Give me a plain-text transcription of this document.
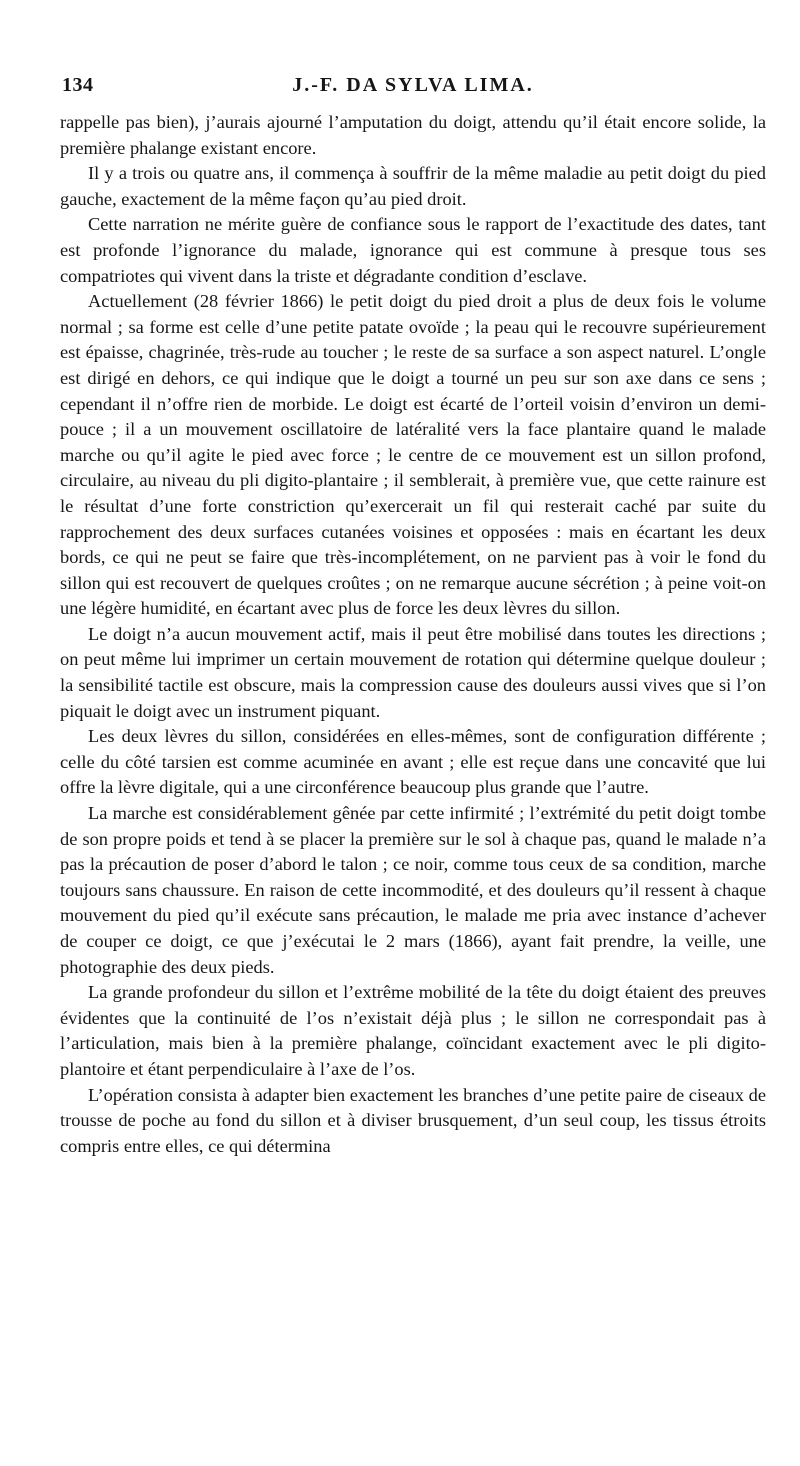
134	J.-F. DA SYLVA LIMA.

rappelle pas bien), j’aurais ajourné l’amputation du doigt, attendu qu’il était encore solide, la première phalange existant encore.

Il y a trois ou quatre ans, il commença à souffrir de la même maladie au petit doigt du pied gauche, exactement de la même façon qu’au pied droit.

Cette narration ne mérite guère de confiance sous le rapport de l’exactitude des dates, tant est profonde l’ignorance du malade, ignorance qui est commune à presque tous ses compatriotes qui vivent dans la triste et dégradante condition d’esclave.

Actuellement (28 février 1866) le petit doigt du pied droit a plus de deux fois le volume normal ; sa forme est celle d’une petite patate ovoïde ; la peau qui le recouvre supérieurement est épaisse, chagrinée, très-rude au toucher ; le reste de sa surface a son aspect naturel. L’ongle est dirigé en dehors, ce qui indique que le doigt a tourné un peu sur son axe dans ce sens ; cependant il n’offre rien de morbide. Le doigt est écarté de l’orteil voisin d’environ un demi-pouce ; il a un mouvement oscillatoire de latéralité vers la face plantaire quand le malade marche ou qu’il agite le pied avec force ; le centre de ce mouvement est un sillon profond, circulaire, au niveau du pli digito-plantaire ; il semblerait, à première vue, que cette rainure est le résultat d’une forte constriction qu’exercerait un fil qui resterait caché par suite du rapprochement des deux surfaces cutanées voisines et opposées : mais en écartant les deux bords, ce qui ne peut se faire que très-incomplétement, on ne parvient pas à voir le fond du sillon qui est recouvert de quelques croûtes ; on ne remarque aucune sécrétion ; à peine voit-on une légère humidité, en écartant avec plus de force les deux lèvres du sillon.

Le doigt n’a aucun mouvement actif, mais il peut être mobilisé dans toutes les directions ; on peut même lui imprimer un certain mouvement de rotation qui détermine quelque douleur ; la sensibilité tactile est obscure, mais la compression cause des douleurs aussi vives que si l’on piquait le doigt avec un instrument piquant.

Les deux lèvres du sillon, considérées en elles-mêmes, sont de configuration différente ; celle du côté tarsien est comme acuminée en avant ; elle est reçue dans une concavité que lui offre la lèvre digitale, qui a une circonférence beaucoup plus grande que l’autre.

La marche est considérablement gênée par cette infirmité ; l’extrémité du petit doigt tombe de son propre poids et tend à se placer la première sur le sol à chaque pas, quand le malade n’a pas la précaution de poser d’abord le talon ; ce noir, comme tous ceux de sa condition, marche toujours sans chaussure. En raison de cette incommodité, et des douleurs qu’il ressent à chaque mouvement du pied qu’il exécute sans précaution, le malade me pria avec instance d’achever de couper ce doigt, ce que j’exécutai le 2 mars (1866), ayant fait prendre, la veille, une photographie des deux pieds.

La grande profondeur du sillon et l’extrême mobilité de la tête du doigt étaient des preuves évidentes que la continuité de l’os n’existait déjà plus ; le sillon ne correspondait pas à l’articulation, mais bien à la première phalange, coïncidant exactement avec le pli digito-plantoire et étant perpendiculaire à l’axe de l’os.

L’opération consista à adapter bien exactement les branches d’une petite paire de ciseaux de trousse de poche au fond du sillon et à diviser brusquement, d’un seul coup, les tissus étroits compris entre elles, ce qui détermina
